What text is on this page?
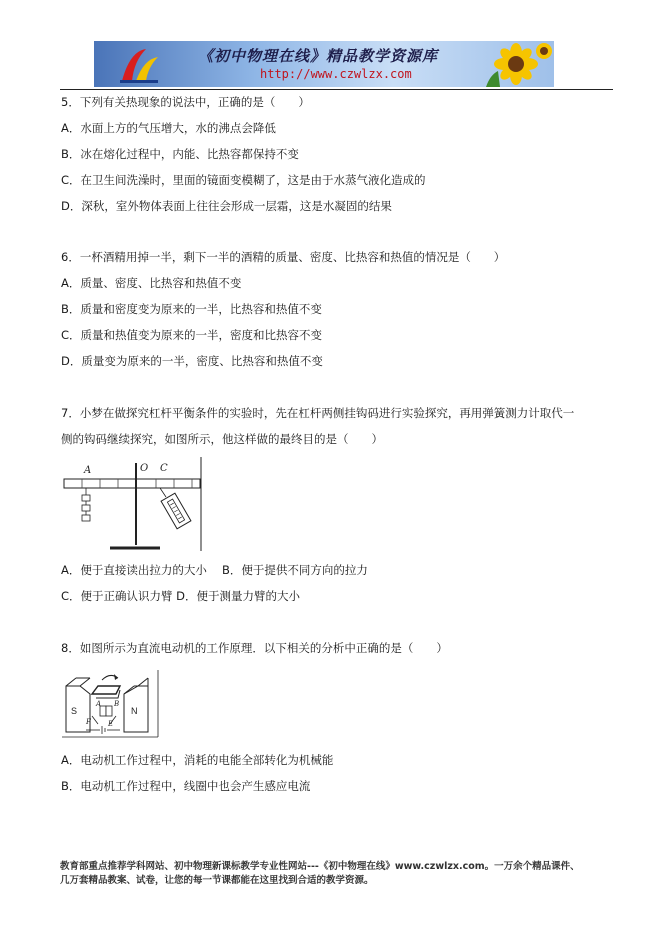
《初中物理在线》精品教学资源库
http://www.czwlzx.com
5．下列有关热现象的说法中，正确的是（　　）
A．水面上方的气压增大，水的沸点会降低
B．冰在熔化过程中，内能、比热容都保持不变
C．在卫生间洗澡时，里面的镜面变模糊了，这是由于水蒸气液化造成的
D．深秋，室外物体表面上往往会形成一层霜，这是水凝固的结果
6．一杯酒精用掉一半，剩下一半的酒精的质量、密度、比热容和热值的情况是（　　）
A．质量、密度、比热容和热值不变
B．质量和密度变为原来的一半，比热容和热值不变
C．质量和热值变为原来的一半，密度和比热容不变
D．质量变为原来的一半，密度、比热容和热值不变
7．小梦在做探究杠杆平衡条件的实验时，先在杠杆两侧挂钩码进行实验探究，再用弹簧测力计取代一
侧的钩码继续探究，如图所示，他这样做的最终目的是（　　）
A	O C
A．便于直接读出拉力的大小　 B．便于提供不同方向的拉力
C．便于正确认识力臂 D．便于测量力臂的大小
8．如图所示为直流电动机的工作原理．以下相关的分析中正确的是（　　）
S	N
F E
A B
A．电动机工作过程中，消耗的电能全部转化为机械能
B．电动机工作过程中，线圈中也会产生感应电流
教育部重点推荐学科网站、初中物理新课标教学专业性网站---《初中物理在线》www.czwlzx.com。一万余个精品课件、
几万套精品教案、试卷，让您的每一节课都能在这里找到合适的教学资源。
